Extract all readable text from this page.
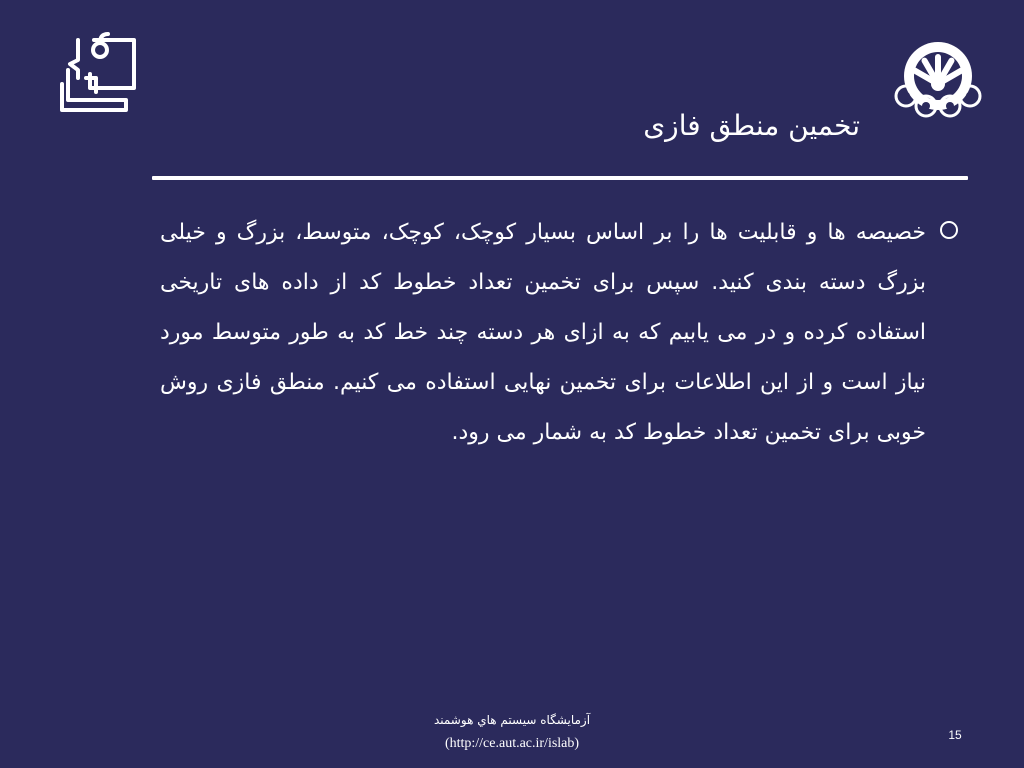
تخمین منطق فازی
خصیصه ها و قابلیت ها را بر اساس بسیار کوچک، کوچک، متوسط، بزرگ و خیلی بزرگ دسته بندی کنید. سپس برای تخمین تعداد خطوط کد از داده های تاریخی استفاده کرده و در می یابیم که به ازای هر دسته چند خط کد به طور متوسط مورد نیاز است و از این اطلاعات برای تخمین نهایی استفاده می کنیم. منطق فازی روش خوبی برای تخمین تعداد خطوط کد به شمار می رود.
آزمایشگاه سیستم هاي هوشمند
(http://ce.aut.ac.ir/islab)
15
